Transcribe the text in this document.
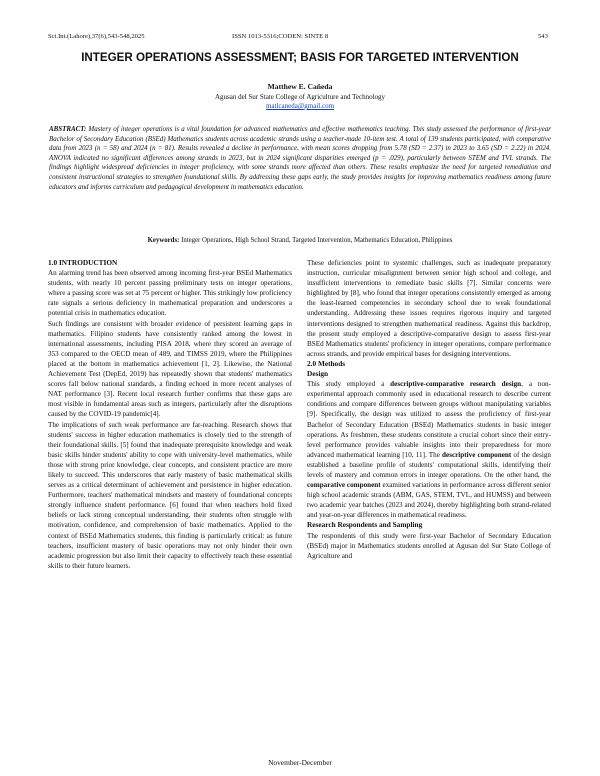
Sci.Int.(Lahore),37(6),543-548,2025	ISSN 1013-5316;CODEN: SINTE 8	543
INTEGER OPERATIONS ASSESSMENT; BASIS FOR TARGETED INTERVENTION
Matthew E. Cañeda
Agusan del Sur State College of Agriculture and Technology
matlcaneda@gmail.com
ABSTRACT: Mastery of integer operations is a vital foundation for advanced mathematics and effective mathematics teaching. This study assessed the performance of first-year Bachelor of Secondary Education (BSEd) Mathematics students across academic strands using a teacher-made 10-item test. A total of 139 students participated, with comparative data from 2023 (n = 58) and 2024 (n = 81). Results revealed a decline in performance, with mean scores dropping from 5.78 (SD = 2.37) in 2023 to 3.65 (SD = 2.22) in 2024. ANOVA indicated no significant differences among strands in 2023, but in 2024 significant disparities emerged (p = .029), particularly between STEM and TVL strands. The findings highlight widespread deficiencies in integer proficiency, with some strands more affected than others. These results emphasize the need for targeted remediation and consistent instructional strategies to strengthen foundational skills. By addressing these gaps early, the study provides insights for improving mathematics readiness among future educators and informs curriculum and pedagogical development in mathematics education.
Keywords: Integer Operations, High School Strand, Targeted Intervention, Mathematics Education, Philippines
1.0 INTRODUCTION

An alarming trend has been observed among incoming first-year BSEd Mathematics students, with nearly 10 percent passing preliminary tests on integer operations, where a passing score was set at 75 percent or higher. This strikingly low proficiency rate signals a serious deficiency in mathematical preparation and underscores a potential crisis in mathematics education.

Such findings are consistent with broader evidence of persistent learning gaps in mathematics. Filipino students have consistently ranked among the lowest in international assessments, including PISA 2018, where they scored an average of 353 compared to the OECD mean of 489, and TIMSS 2019, where the Philippines placed at the bottom in mathematics achievement [1, 2]. Likewise, the National Achievement Test (DepEd, 2019) has repeatedly shown that students' mathematics scores fall below national standards, a finding echoed in more recent analyses of NAT performance [3]. Recent local research further confirms that these gaps are most visible in fundamental areas such as integers, particularly after the disruptions caused by the COVID-19 pandemic[4].

The implications of such weak performance are far-reaching. Research shows that students' success in higher education mathematics is closely tied to the strength of their foundational skills. [5] found that inadequate prerequisite knowledge and weak basic skills hinder students' ability to cope with university-level mathematics, while those with strong prior knowledge, clear concepts, and consistent practice are more likely to succeed. This underscores that early mastery of basic mathematical skills serves as a critical determinant of achievement and persistence in higher education. Furthermore, teachers' mathematical mindsets and mastery of foundational concepts strongly influence student performance. [6] found that when teachers hold fixed beliefs or lack strong conceptual understanding, their students often struggle with motivation, confidence, and comprehension of basic mathematics. Applied to the context of BSEd Mathematics students, this finding is particularly critical: as future teachers, insufficient mastery of basic operations may not only hinder their own academic progression but also limit their capacity to effectively teach these essential skills to their future learners.

These deficiencies point to systemic challenges, such as inadequate preparatory instruction, curricular misalignment between senior high school and college, and insufficient interventions to remediate basic skills [7]. Similar concerns were highlighted by [8], who found that integer operations consistently emerged as among the least-learned competencies in secondary school due to weak foundational understanding. Addressing these issues requires rigorous inquiry and targeted interventions designed to strengthen mathematical readiness. Against this backdrop, the present study employed a descriptive-comparative design to assess first-year BSEd Mathematics students' proficiency in integer operations, compare performance across strands, and provide empirical bases for designing interventions.

2.0 Methods
Design

This study employed a descriptive-comparative research design, a non-experimental approach commonly used in educational research to describe current conditions and compare differences between groups without manipulating variables [9]. Specifically, the design was utilized to assess the proficiency of first-year Bachelor of Secondary Education (BSEd) Mathematics students in basic integer operations. As freshmen, these students constitute a crucial cohort since their entry-level performance provides valuable insights into their preparedness for more advanced mathematical learning [10, 11]. The descriptive component of the design established a baseline profile of students' computational skills, identifying their levels of mastery and common errors in integer operations. On the other hand, the comparative component examined variations in performance across different senior high school academic strands (ABM, GAS, STEM, TVL, and HUMSS) and between two academic year batches (2023 and 2024), thereby highlighting both strand-related and year-on-year differences in mathematical readiness.

Research Respondents and Sampling

The respondents of this study were first-year Bachelor of Secondary Education (BSEd) major in Mathematics students enrolled at Agusan del Sur State College of Agriculture and

November-December
